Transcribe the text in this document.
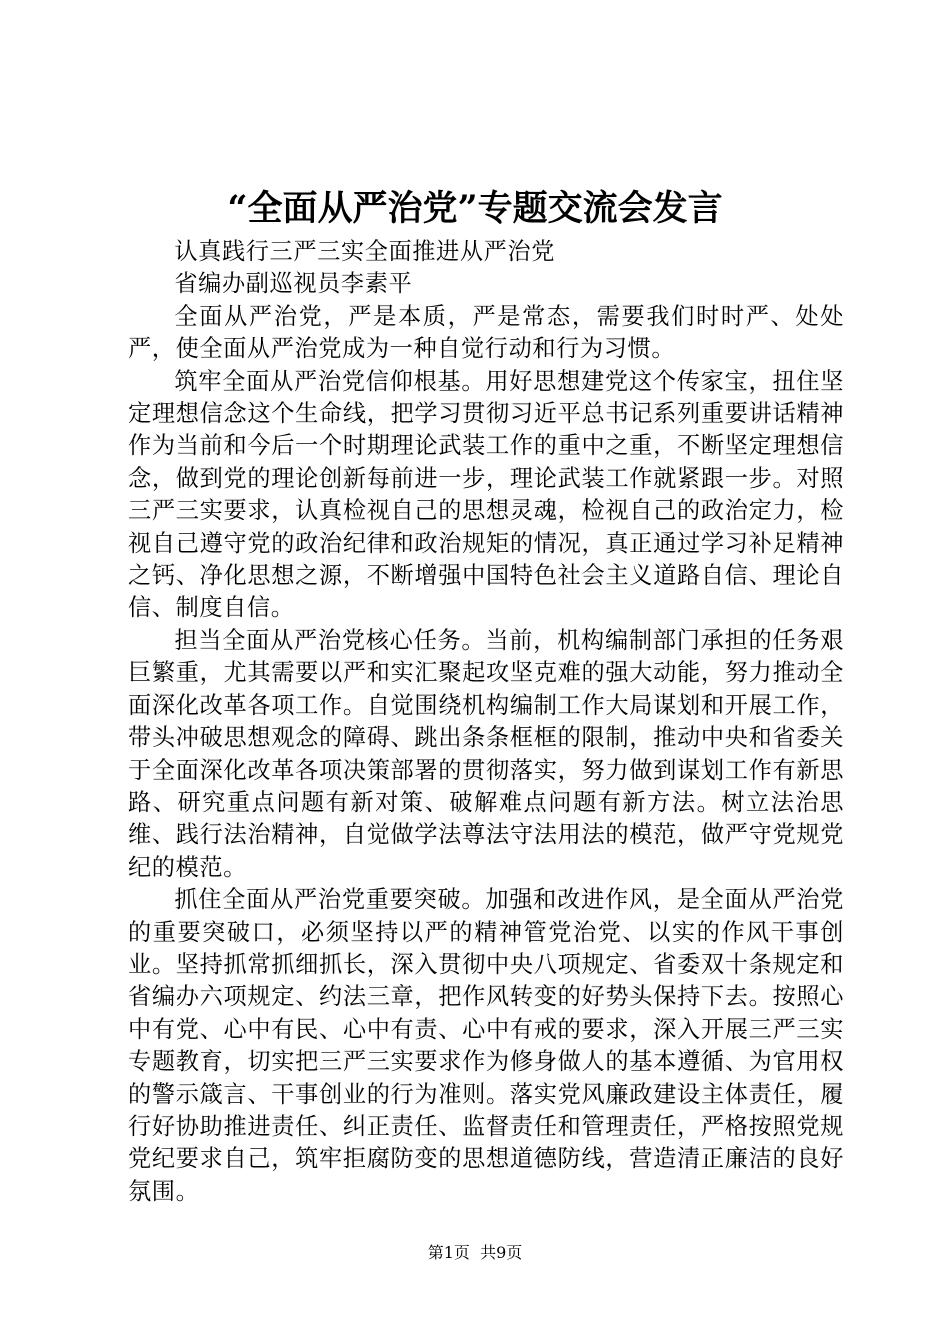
“全面从严治党”专题交流会发言

认真践行三严三实全面推进从严治党

省编办副巡视员李素平

全面从严治党，严是本质，严是常态，需要我们时时严、处处严，使全面从严治党成为一种自觉行动和行为习惯。

筑牢全面从严治党信仰根基。用好思想建党这个传家宝，扭住坚定理想信念这个生命线，把学习贯彻习近平总书记系列重要讲话精神作为当前和今后一个时期理论武装工作的重中之重，不断坚定理想信念，做到党的理论创新每前进一步，理论武装工作就紧跟一步。对照三严三实要求，认真检视自己的思想灵魂，检视自己的政治定力，检视自己遵守党的政治纪律和政治规矩的情况，真正通过学习补足精神之钙、净化思想之源，不断增强中国特色社会主义道路自信、理论自信、制度自信。

担当全面从严治党核心任务。当前，机构编制部门承担的任务艰巨繁重，尤其需要以严和实汇聚起攻坚克难的强大动能，努力推动全面深化改革各项工作。自觉围绕机构编制工作大局谋划和开展工作，带头冲破思想观念的障碍、跳出条条框框的限制，推动中央和省委关于全面深化改革各项决策部署的贯彻落实，努力做到谋划工作有新思路、研究重点问题有新对策、破解难点问题有新方法。树立法治思维、践行法治精神，自觉做学法尊法守法用法的模范，做严守党规党纪的模范。

抓住全面从严治党重要突破。加强和改进作风，是全面从严治党的重要突破口，必须坚持以严的精神管党治党、以实的作风干事创业。坚持抓常抓细抓长，深入贯彻中央八项规定、省委双十条规定和省编办六项规定、约法三章，把作风转变的好势头保持下去。按照心中有党、心中有民、心中有责、心中有戒的要求，深入开展三严三实专题教育，切实把三严三实要求作为修身做人的基本遵循、为官用权的警示箴言、干事创业的行为准则。落实党风廉政建设主体责任，履行好协助推进责任、纠正责任、监督责任和管理责任，严格按照党规党纪要求自己，筑牢拒腐防变的思想道德防线，营造清正廉洁的良好氛围。

第1页 共9页
